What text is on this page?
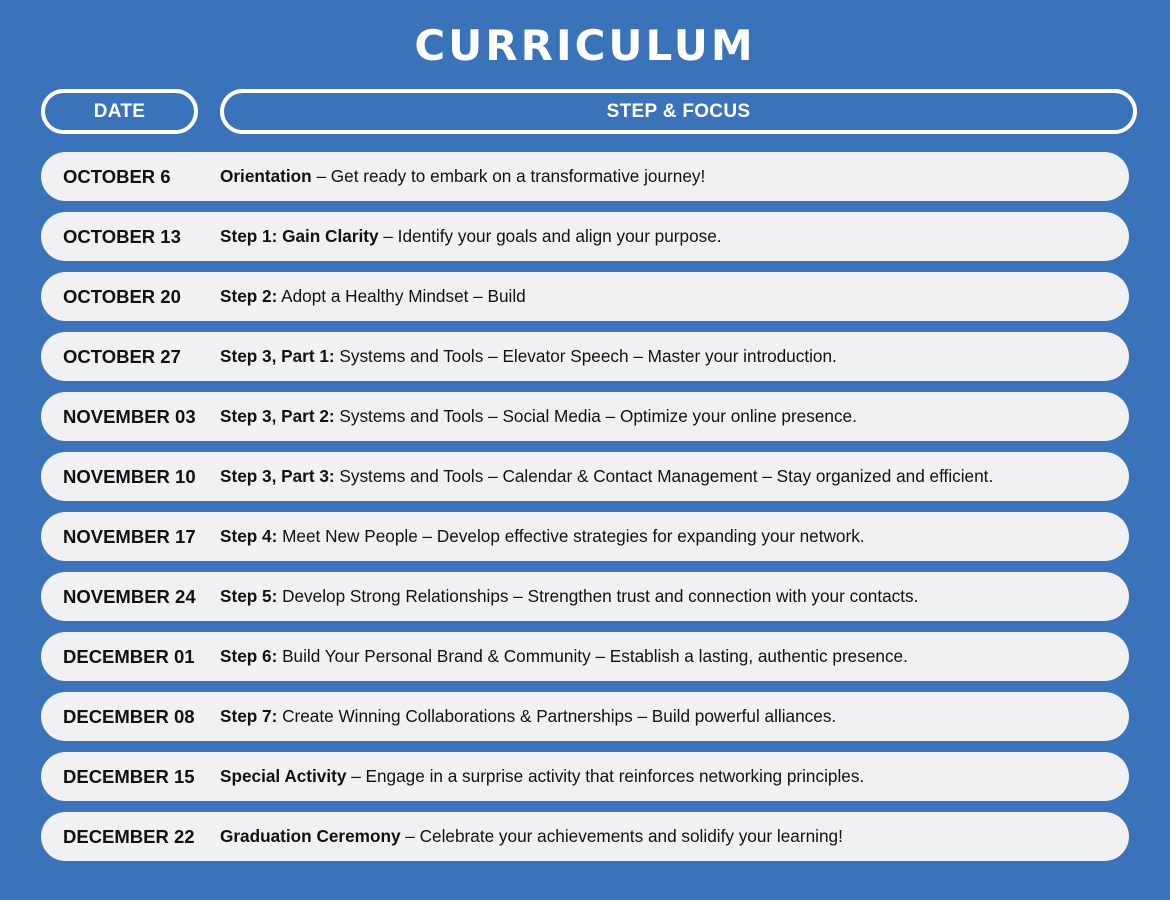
CURRICULUM
DATE	STEP & FOCUS
OCTOBER 6	Orientation – Get ready to embark on a transformative journey!
OCTOBER 13 Step 1: Gain Clarity – Identify your goals and align your purpose.
OCTOBER 20 Step 2: Adopt a Healthy Mindset – Build
OCTOBER 27 Step 3, Part 1: Systems and Tools – Elevator Speech – Master your introduction.
NOVEMBER 03 Step 3, Part 2: Systems and Tools – Social Media – Optimize your online presence.
NOVEMBER 10 Step 3, Part 3: Systems and Tools – Calendar & Contact Management – Stay organized and efficient.
NOVEMBER 17 Step 4: Meet New People – Develop effective strategies for expanding your network.
NOVEMBER 24 Step 5: Develop Strong Relationships – Strengthen trust and connection with your contacts.
DECEMBER 01 Step 6: Build Your Personal Brand & Community – Establish a lasting, authentic presence.
DECEMBER 08 Step 7: Create Winning Collaborations & Partnerships – Build powerful alliances.
DECEMBER 15 Special Activity – Engage in a surprise activity that reinforces networking principles.
DECEMBER 22 Graduation Ceremony – Celebrate your achievements and solidify your learning!
